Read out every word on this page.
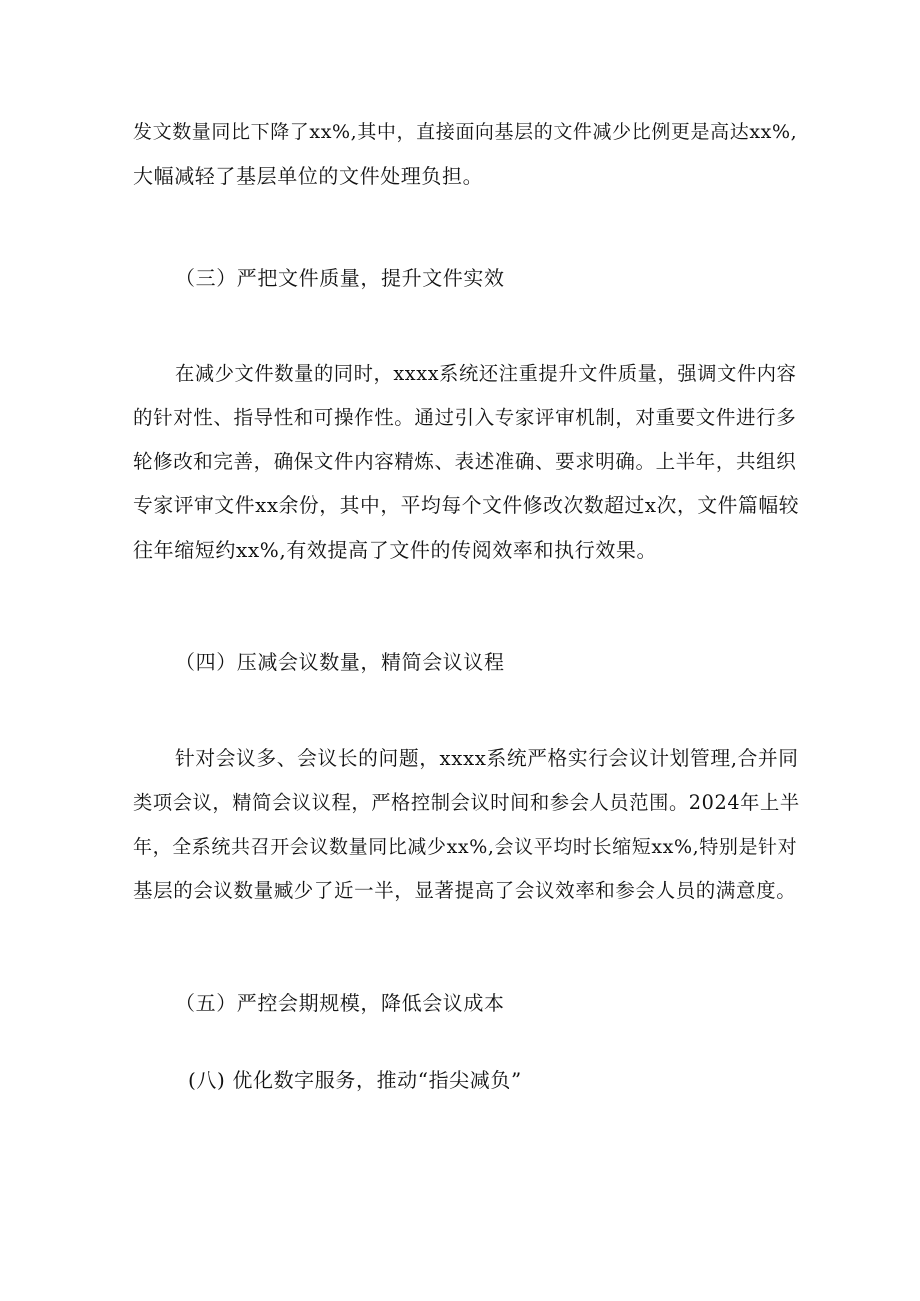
发文数量同比下降了xx%,其中，直接面向基层的文件减少比例更是高达xx%,
大幅减轻了基层单位的文件处理负担。
（三）严把文件质量，提升文件实效
在减少文件数量的同时，xxxx系统还注重提升文件质量，强调文件内容
的针对性、指导性和可操作性。通过引入专家评审机制，对重要文件进行多
轮修改和完善，确保文件内容精炼、表述准确、要求明确。上半年，共组织
专家评审文件xx余份，其中，平均每个文件修改次数超过x次，文件篇幅较
往年缩短约xx%,有效提高了文件的传阅效率和执行效果。
（四）压减会议数量，精简会议议程
针对会议多、会议长的问题，xxxx系统严格实行会议计划管理,合并同
类项会议，精简会议议程，严格控制会议时间和参会人员范围。2024年上半
年，全系统共召开会议数量同比减少xx%,会议平均时长缩短xx%,特别是针对
基层的会议数量臧少了近一半，显著提高了会议效率和参会人员的满意度。
（五）严控会期规模，降低会议成本
(八) 优化数字服务，推动“指尖减负”
